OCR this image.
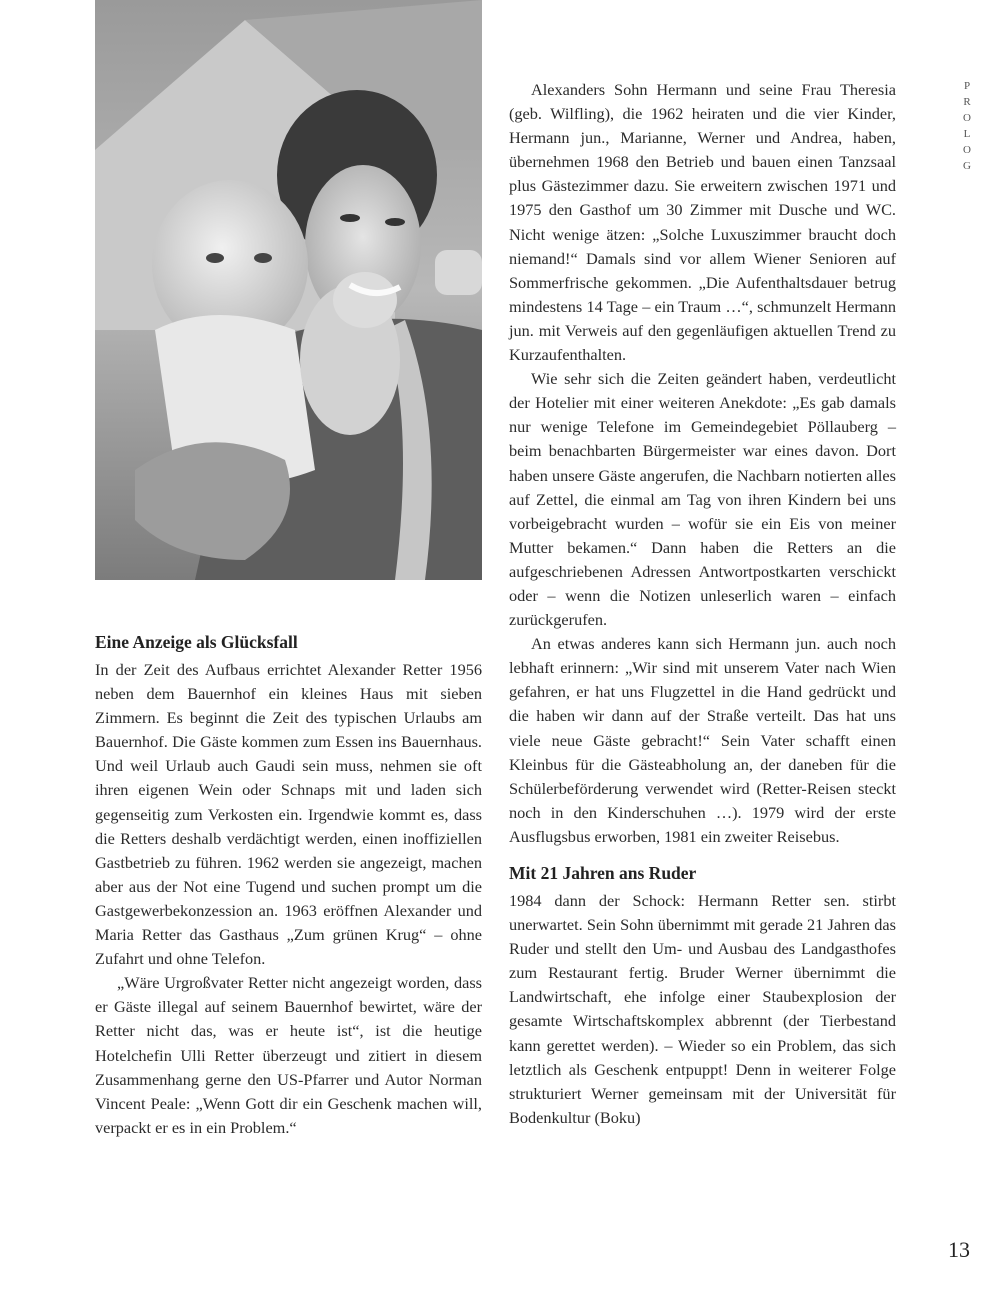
Eine Anzeige als Glücksfall

In der Zeit des Aufbaus errichtet Alexander Retter 1956 neben dem Bauernhof ein kleines Haus mit sieben Zimmern. Es beginnt die Zeit des typischen Urlaubs am Bauernhof. Die Gäste kommen zum Essen ins Bauernhaus. Und weil Urlaub auch Gaudi sein muss, nehmen sie oft ihren eigenen Wein oder Schnaps mit und laden sich gegenseitig zum Verkosten ein. Irgendwie kommt es, dass die Retters deshalb verdächtigt werden, einen inoffiziellen Gastbetrieb zu führen. 1962 werden sie angezeigt, machen aber aus der Not eine Tugend und suchen prompt um die Gastgewerbekonzession an. 1963 eröffnen Alexander und Maria Retter das Gasthaus „Zum grünen Krug“ – ohne Zufahrt und ohne Telefon.

„Wäre Urgroßvater Retter nicht angezeigt worden, dass er Gäste illegal auf seinem Bauernhof bewirtet, wäre der Retter nicht das, was er heute ist“, ist die heutige Hotelchefin Ulli Retter überzeugt und zitiert in diesem Zusammenhang gerne den US-Pfarrer und Autor Norman Vincent Peale: „Wenn Gott dir ein Geschenk machen will, verpackt er es in ein Problem.“

Alexanders Sohn Hermann und seine Frau Theresia (geb. Wilfling), die 1962 heiraten und die vier Kinder, Hermann jun., Marianne, Werner und Andrea, haben, übernehmen 1968 den Betrieb und bauen einen Tanzsaal plus Gästezimmer dazu. Sie erweitern zwischen 1971 und 1975 den Gasthof um 30 Zimmer mit Dusche und WC. Nicht wenige ätzen: „Solche Luxuszimmer braucht doch niemand!“ Damals sind vor allem Wiener Senioren auf Sommerfrische gekommen. „Die Aufenthaltsdauer betrug mindestens 14 Tage – ein Traum …“, schmunzelt Hermann jun. mit Verweis auf den gegenläufigen aktuellen Trend zu Kurzaufenthalten.

Wie sehr sich die Zeiten geändert haben, verdeutlicht der Hotelier mit einer weiteren Anekdote: „Es gab damals nur wenige Telefone im Gemeindegebiet Pöllauberg – beim benachbarten Bürgermeister war eines davon. Dort haben unsere Gäste angerufen, die Nachbarn notierten alles auf Zettel, die einmal am Tag von ihren Kindern bei uns vorbeigebracht wurden – wofür sie ein Eis von meiner Mutter bekamen.“ Dann haben die Retters an die aufgeschriebenen Adressen Antwortpostkarten verschickt oder – wenn die Notizen unleserlich waren – einfach zurückgerufen.

An etwas anderes kann sich Hermann jun. auch noch lebhaft erinnern: „Wir sind mit unserem Vater nach Wien gefahren, er hat uns Flugzettel in die Hand gedrückt und die haben wir dann auf der Straße verteilt. Das hat uns viele neue Gäste gebracht!“ Sein Vater schafft einen Kleinbus für die Gästeabholung an, der daneben für die Schülerbeförderung verwendet wird (Retter-Reisen steckt noch in den Kinderschuhen …). 1979 wird der erste Ausflugsbus erworben, 1981 ein zweiter Reisebus.

Mit 21 Jahren ans Ruder

1984 dann der Schock: Hermann Retter sen. stirbt unerwartet. Sein Sohn übernimmt mit gerade 21 Jahren das Ruder und stellt den Um- und Ausbau des Landgasthofes zum Restaurant fertig. Bruder Werner übernimmt die Landwirtschaft, ehe infolge einer Staubexplosion der gesamte Wirtschaftskomplex abbrennt (der Tierbestand kann gerettet werden). – Wieder so ein Problem, das sich letztlich als Geschenk entpuppt! Denn in weiterer Folge strukturiert Werner gemeinsam mit der Universität für Bodenkultur (Boku)

P
R
O
L
O
G
13
